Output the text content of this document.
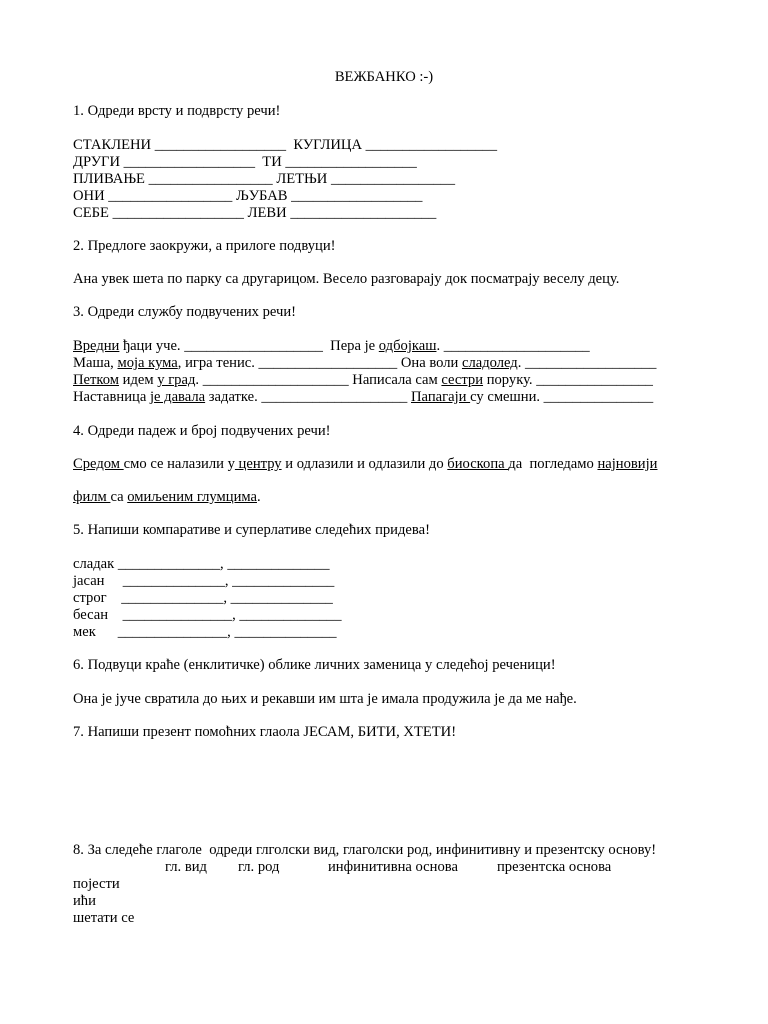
ВЕЖБАНКО :-)
1. Одреди врсту и подврсту речи!
СТАКЛЕНИ __________________  КУГЛИЦА __________________
ДРУГИ __________________  ТИ __________________
ПЛИВАЊЕ _________________ ЛЕТЊИ _________________
ОНИ _________________ ЉУБАВ __________________
СЕБЕ __________________ ЛЕВИ ____________________
2. Предлоге заокружи, а прилоге подвуци!
Ана увек шета по парку са другарицом. Весело разговарају док посматрају веселу децу.
3. Одреди службу подвучених речи!
Вредни ђаци уче. ___________________  Пера је одбојкаш. ____________________
Маша, моја кума, игра тенис. ___________________ Она воли сладолед. __________________
Петком идем у град. ____________________ Написала сам сестри поруку. ________________
Наставница је давала задатке. ____________________ Папагаји су смешни. _______________
4. Одреди падеж и број подвучених речи!
Средом смо се налазили у центру и одлазили и одлазили до биоскопа да  погледамо најновији
филм са омиљеним глумцима.
5. Напиши компаративе и суперлативе следећих придева!
сладак ______________, ______________
јасан     ______________, ______________
строг    ______________, ______________
бесан    _______________, ______________
мек      _______________, ______________
6. Подвуци краће (енклитичке) облике личних заменица у следећој реченици!
Она је јуче свратила до њих и рекавши им шта је имала продужила је да ме нађе.
7. Напиши презент помоћних глаола ЈЕСАМ, БИТИ, ХТЕТИ!
8. За следеће глаголе  одреди глголски вид, глаголски род, инфинитивну и презентску основу!
гл. вид гл. род	инфинитивна основа	презентска основа
појести
ићи
шетати се
